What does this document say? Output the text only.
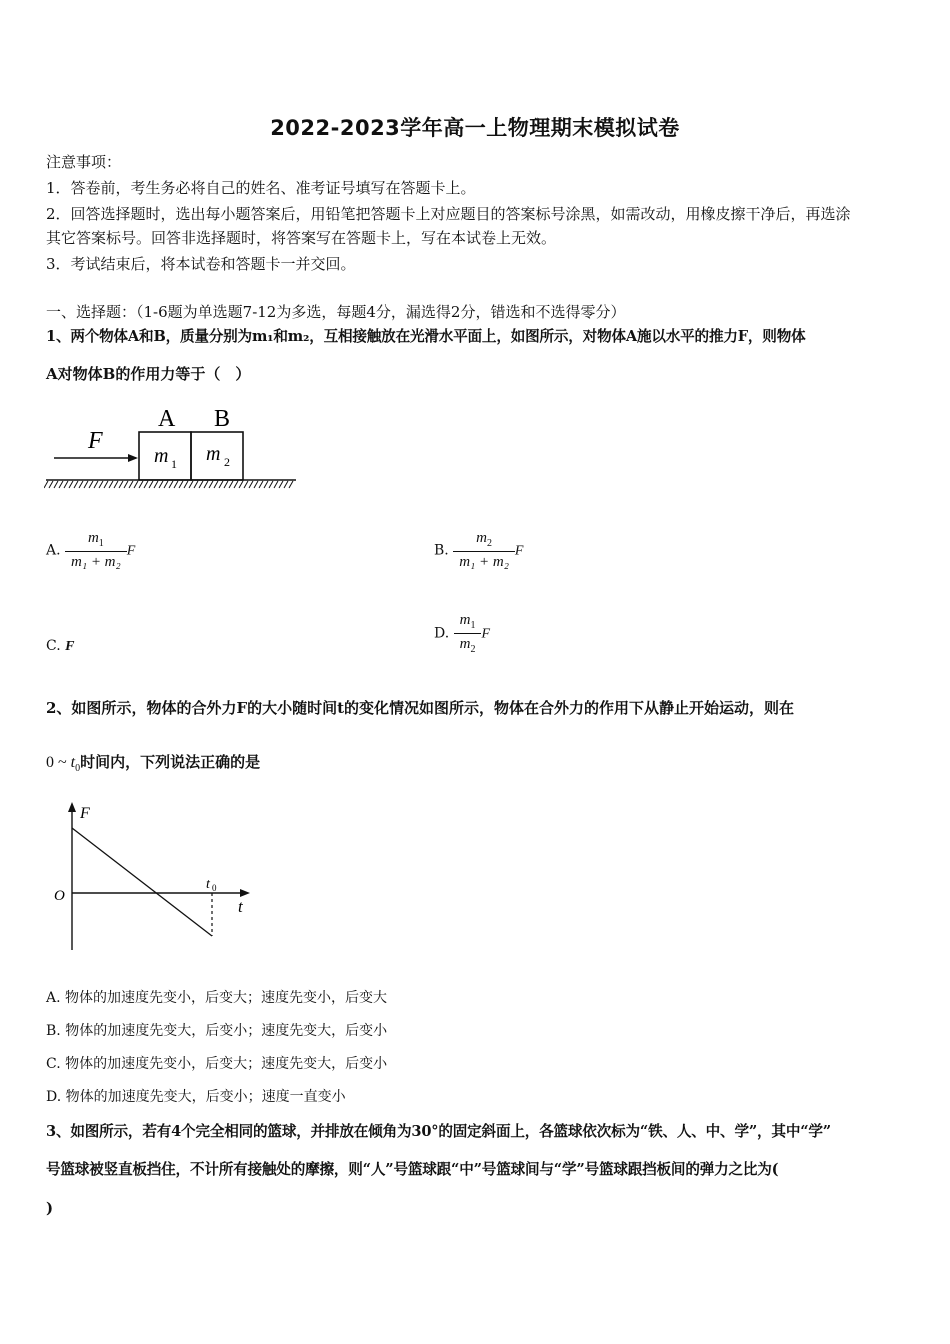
2022-2023学年高一上物理期末模拟试卷
注意事项：
1．答卷前，考生务必将自己的姓名、准考证号填写在答题卡上。
2．回答选择题时，选出每小题答案后，用铅笔把答题卡上对应题目的答案标号涂黑，如需改动，用橡皮擦干净后，再选涂
其它答案标号。回答非选择题时，将答案写在答题卡上，写在本试卷上无效。
3．考试结束后，将本试卷和答题卡一并交回。
一、选择题：（1-6题为单选题7-12为多选，每题4分，漏选得2分，错选和不选得零分）
1、两个物体A和B，质量分别为m₁和m₂，互相接触放在光滑水平面上，如图所示，对物体A施以水平的推力F，则物体
A对物体B的作用力等于（　）
F
A B
m 1 m 2
A. $\frac{m_1}{\text{m₁ + m₂}}$ F	B. $\frac{m_2}{\text{m₁ + m₂}}$ F
C. F
D. $\frac{m_1}{m_2}$ F
2、如图所示，物体的合外力F的大小随时间t的变化情况如图所示，物体在合外力的作用下从静止开始运动，则在
0 ~ $t_0$时间内，下列说法正确的是
F
t
O
t 0
A. 物体的加速度先变小，后变大；速度先变小，后变大
B. 物体的加速度先变大，后变小；速度先变大，后变小
C. 物体的加速度先变小，后变大；速度先变大，后变小
D. 物体的加速度先变大，后变小；速度一直变小
3、如图所示，若有4个完全相同的篮球，并排放在倾角为30°的固定斜面上，各篮球依次标为“铁、人、中、学”，其中“学”
号篮球被竖直板挡住，不计所有接触处的摩擦，则“人”号篮球跟“中”号篮球间与“学”号篮球跟挡板间的弹力之比为(
)
